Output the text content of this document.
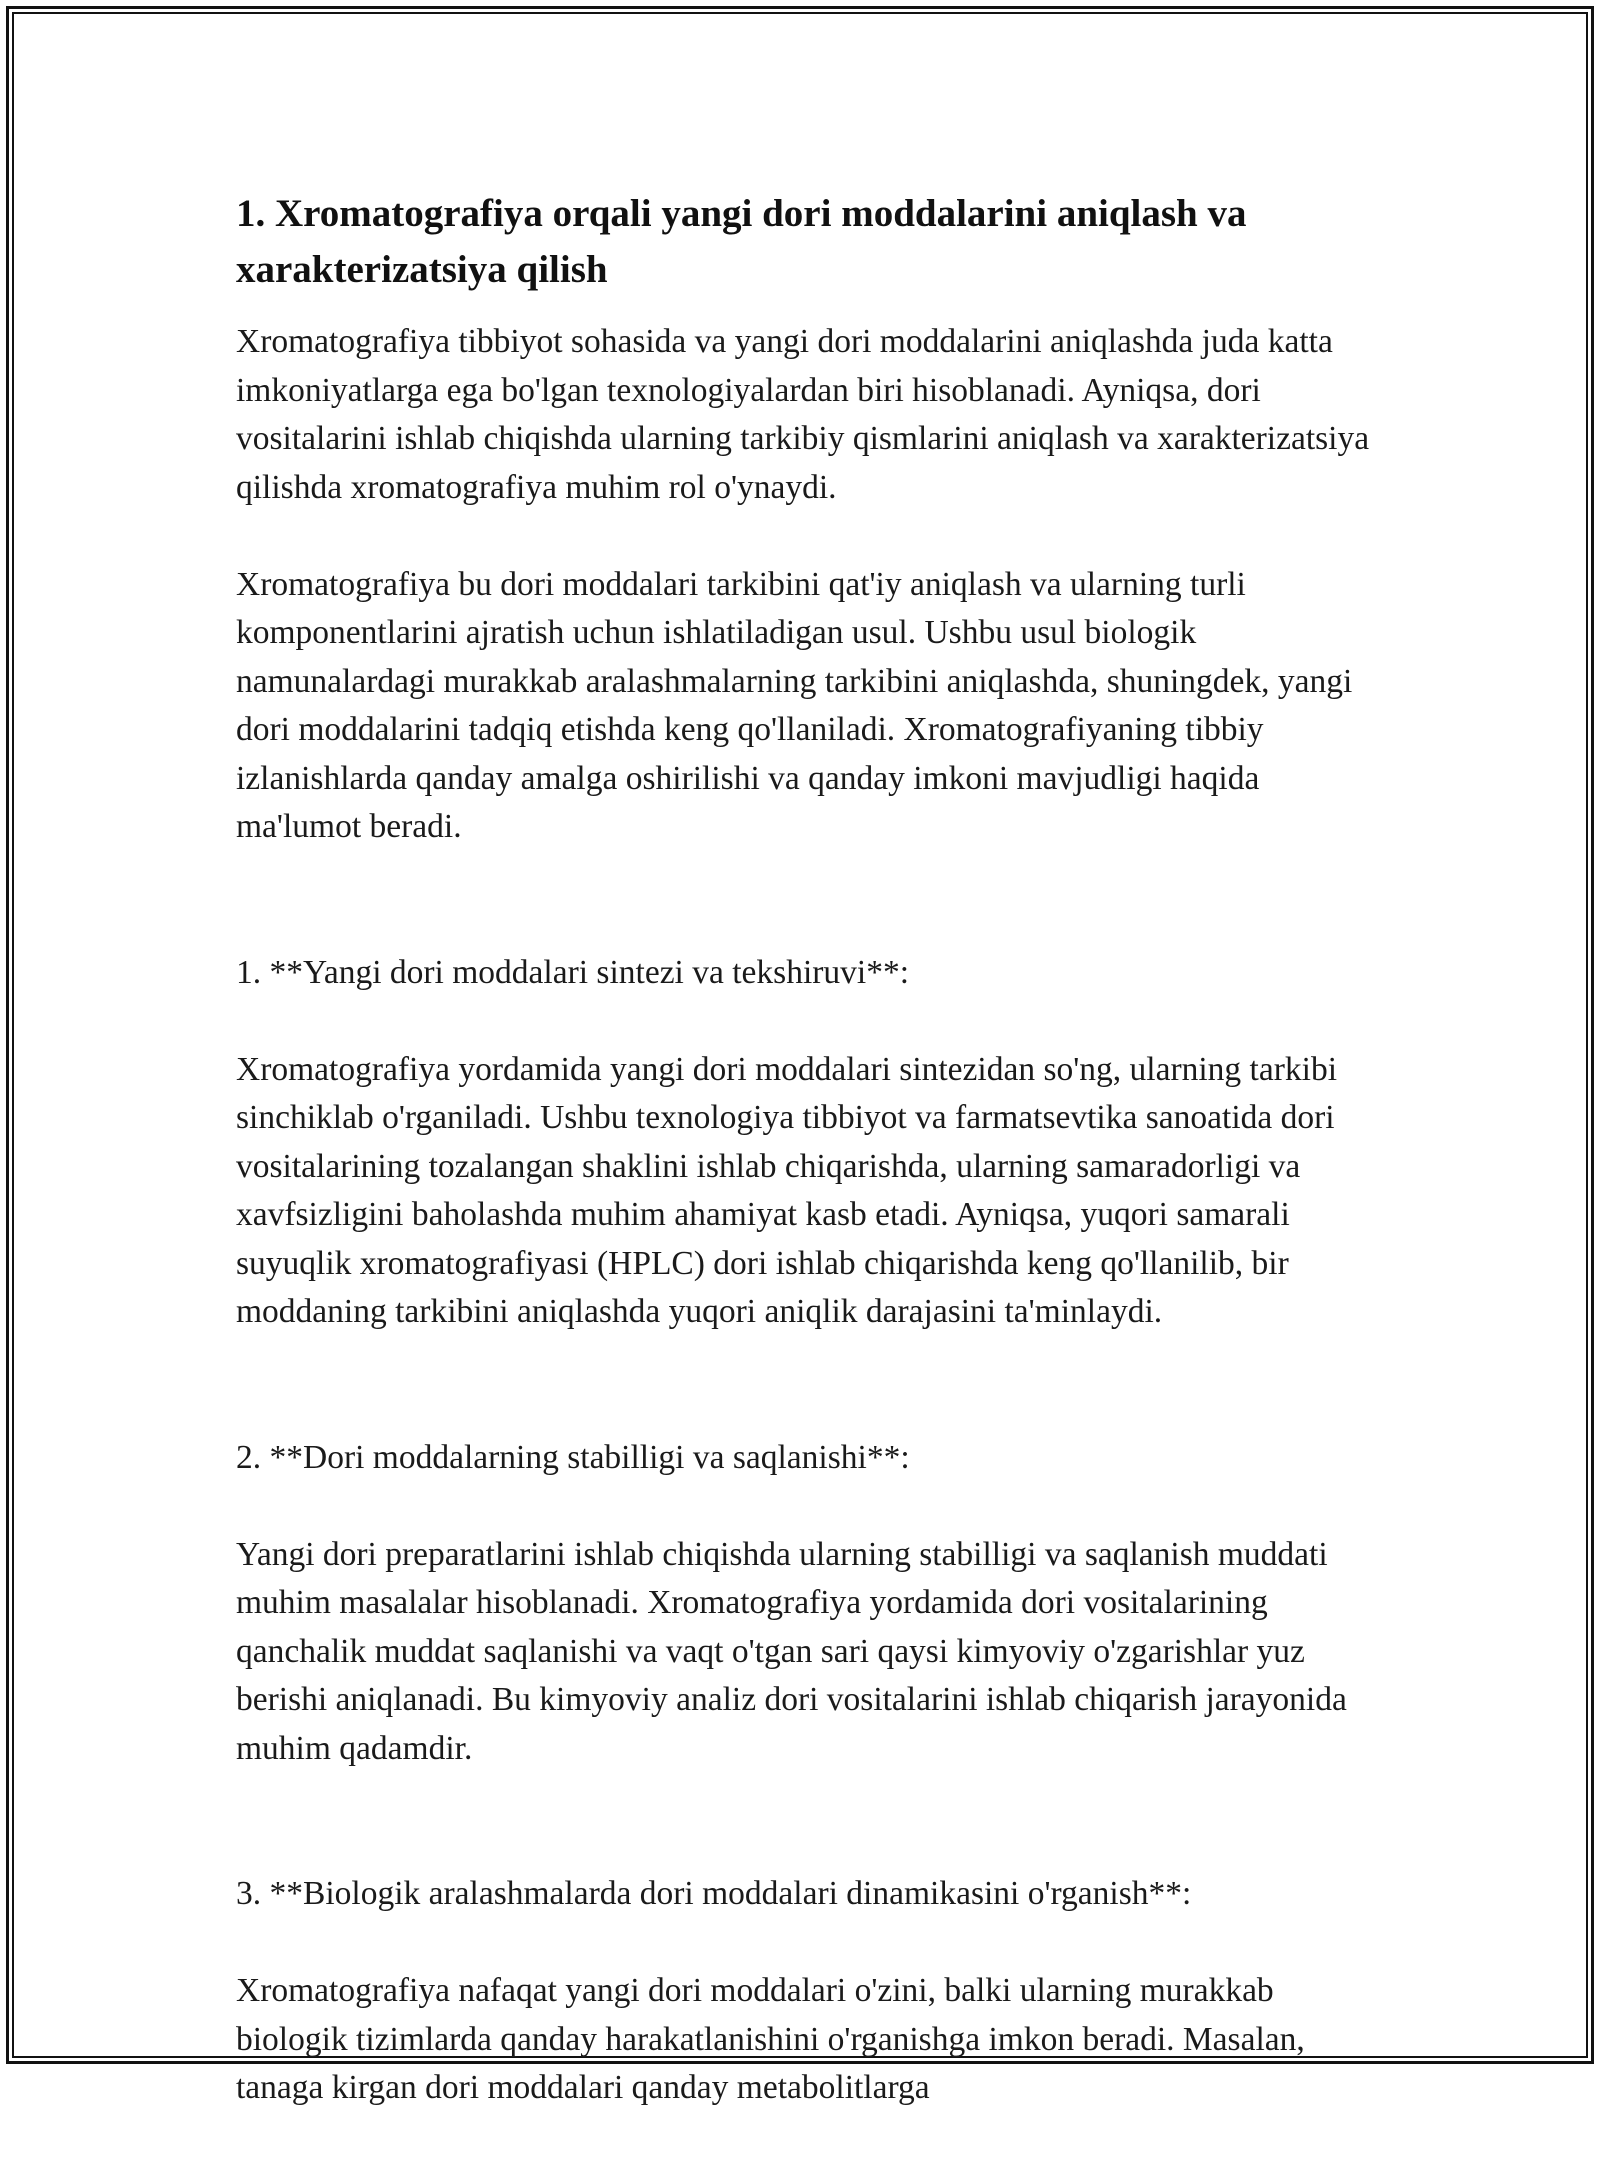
1. Xromatografiya orqali yangi dori moddalarini aniqlash va xarakterizatsiya qilish

Xromatografiya tibbiyot sohasida va yangi dori moddalarini aniqlashda juda katta imkoniyatlarga ega bo'lgan texnologiyalardan biri hisoblanadi. Ayniqsa, dori vositalarini ishlab chiqishda ularning tarkibiy qismlarini aniqlash va xarakterizatsiya qilishda xromatografiya muhim rol o'ynaydi.

Xromatografiya bu dori moddalari tarkibini qat'iy aniqlash va ularning turli komponentlarini ajratish uchun ishlatiladigan usul. Ushbu usul biologik namunalardagi murakkab aralashmalarning tarkibini aniqlashda, shuningdek, yangi dori moddalarini tadqiq etishda keng qo'llaniladi. Xromatografiyaning tibbiy izlanishlarda qanday amalga oshirilishi va qanday imkoni mavjudligi haqida ma'lumot beradi.

1. **Yangi dori moddalari sintezi va tekshiruvi**:

Xromatografiya yordamida yangi dori moddalari sintezidan so'ng, ularning tarkibi sinchiklab o'rganiladi. Ushbu texnologiya tibbiyot va farmatsevtika sanoatida dori vositalarining tozalangan shaklini ishlab chiqarishda, ularning samaradorligi va xavfsizligini baholashda muhim ahamiyat kasb etadi. Ayniqsa, yuqori samarali suyuqlik xromatografiyasi (HPLC) dori ishlab chiqarishda keng qo'llanilib, bir moddaning tarkibini aniqlashda yuqori aniqlik darajasini ta'minlaydi.

2. **Dori moddalarning stabilligi va saqlanishi**:

Yangi dori preparatlarini ishlab chiqishda ularning stabilligi va saqlanish muddati muhim masalalar hisoblanadi. Xromatografiya yordamida dori vositalarining qanchalik muddat saqlanishi va vaqt o'tgan sari qaysi kimyoviy o'zgarishlar yuz berishi aniqlanadi. Bu kimyoviy analiz dori vositalarini ishlab chiqarish jarayonida muhim qadamdir.

3. **Biologik aralashmalarda dori moddalari dinamikasini o'rganish**:

Xromatografiya nafaqat yangi dori moddalari o'zini, balki ularning murakkab biologik tizimlarda qanday harakatlanishini o'rganishga imkon beradi. Masalan, tanaga kirgan dori moddalari qanday metabolitlarga
